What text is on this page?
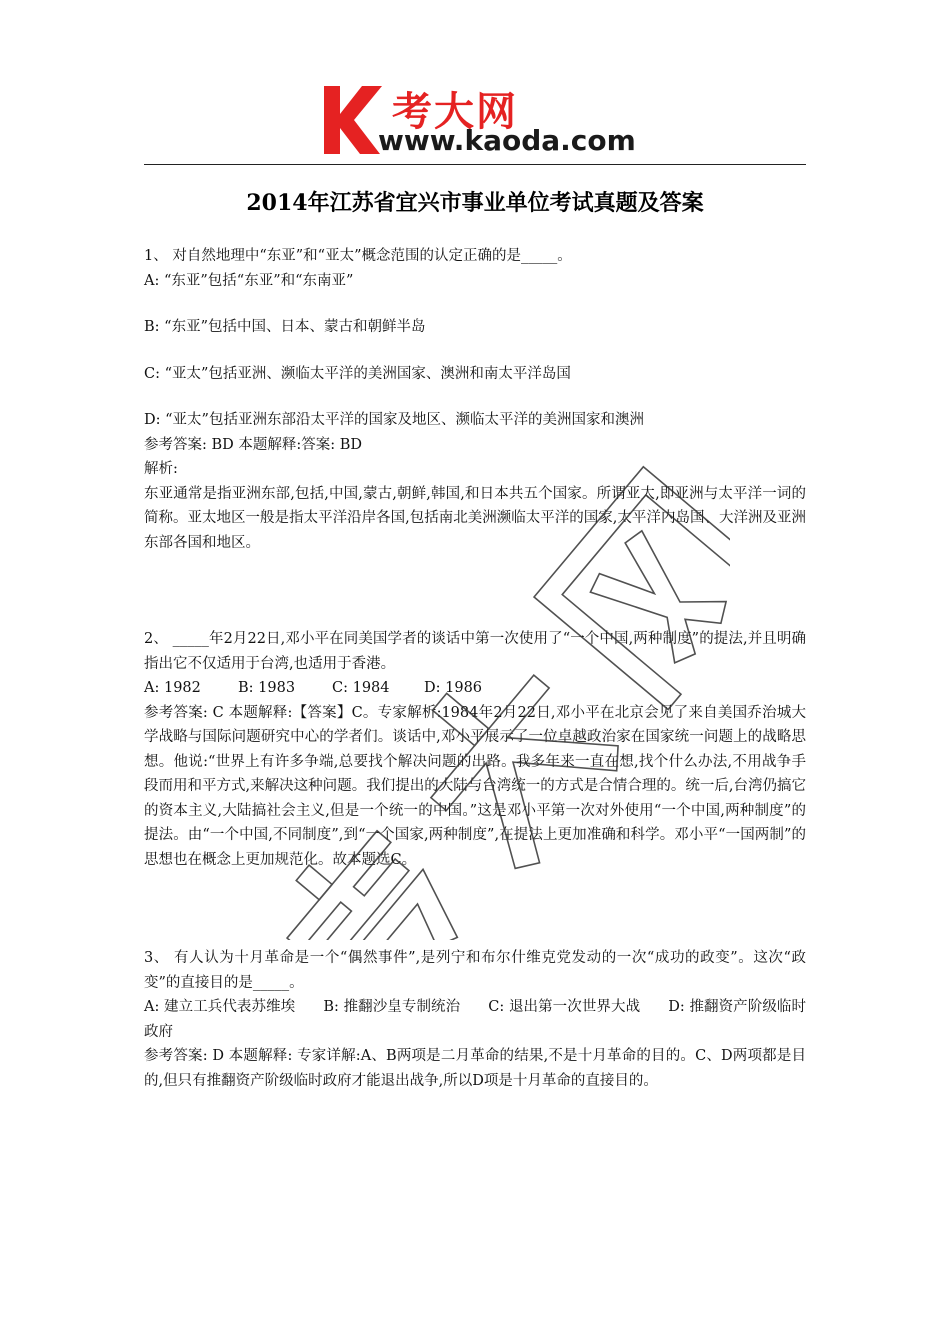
考大网
www.kaoda.com
2014年江苏省宜兴市事业单位考试真题及答案

1、 对自然地理中“东亚”和“亚太”概念范围的认定正确的是_____。

A: “东亚”包括“东亚”和“东南亚”

B: “东亚”包括中国、日本、蒙古和朝鲜半岛

C: “亚太”包括亚洲、濒临太平洋的美洲国家、澳洲和南太平洋岛国

D: “亚太”包括亚洲东部沿太平洋的国家及地区、濒临太平洋的美洲国家和澳洲

参考答案: BD 本题解释:答案: BD

解析:

东亚通常是指亚洲东部,包括,中国,蒙古,朝鲜,韩国,和日本共五个国家。所谓亚太,即亚洲与太平洋一词的简称。亚太地区一般是指太平洋沿岸各国,包括南北美洲濒临太平洋的国家,太平洋内岛国、大洋洲及亚洲东部各国和地区。

2、 _____年2月22日,邓小平在同美国学者的谈话中第一次使用了“一个中国,两种制度”的提法,并且明确指出它不仅适用于台湾,也适用于香港。

A: 1982	B: 1983	C: 1984	D: 1986

参考答案: C 本题解释:【答案】C。专家解析:1984年2月22日,邓小平在北京会见了来自美国乔治城大学战略与国际问题研究中心的学者们。谈话中,邓小平展示了一位卓越政治家在国家统一问题上的战略思想。他说:“世界上有许多争端,总要找个解决问题的出路。我多年来一直在想,找个什么办法,不用战争手段而用和平方式,来解决这种问题。我们提出的大陆与台湾统一的方式是合情合理的。统一后,台湾仍搞它的资本主义,大陆搞社会主义,但是一个统一的中国。”这是邓小平第一次对外使用“一个中国,两种制度”的提法。由“一个中国,不同制度”,到“一个国家,两种制度”,在提法上更加准确和科学。邓小平“一国两制”的思想也在概念上更加规范化。故本题选C。

3、 有人认为十月革命是一个“偶然事件”,是列宁和布尔什维克党发动的一次“成功的政变”。这次“政变”的直接目的是_____。

A: 建立工兵代表苏维埃      B: 推翻沙皇专制统治      C: 退出第一次世界大战      D: 推翻资产阶级临时政府

参考答案: D 本题解释: 专家详解:A、B两项是二月革命的结果,不是十月革命的目的。C、D两项都是目的,但只有推翻资产阶级临时政府才能退出战争,所以D项是十月革命的直接目的。
